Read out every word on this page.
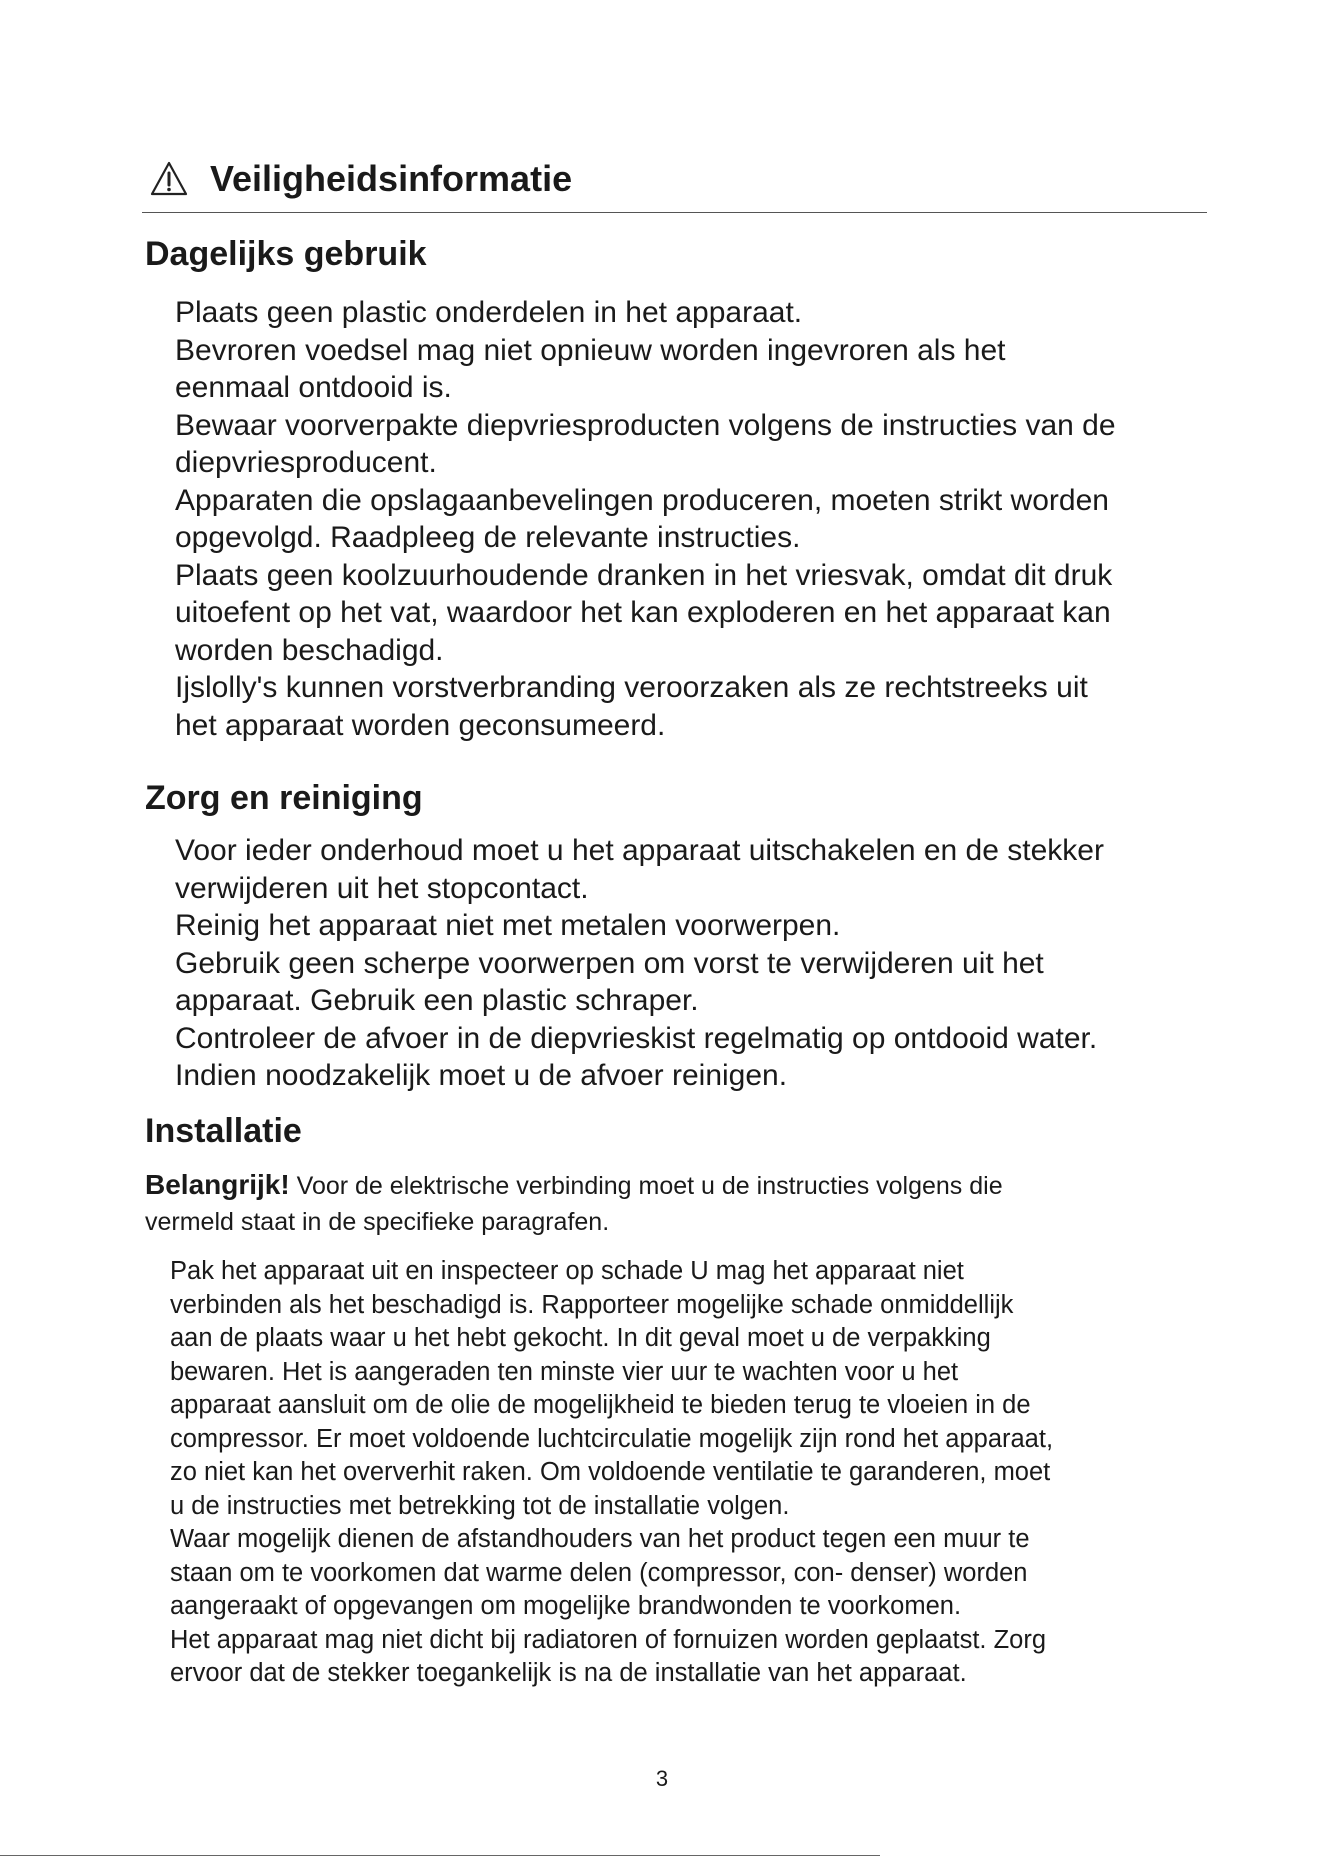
Veiligheidsinformatie
Dagelijks gebruik
Plaats geen plastic onderdelen in het apparaat.
Bevroren voedsel mag niet opnieuw worden ingevroren als het
eenmaal ontdooid is.
Bewaar voorverpakte diepvriesproducten volgens de instructies van de
diepvriesproducent.
Apparaten die opslagaanbevelingen produceren, moeten strikt worden
opgevolgd. Raadpleeg de relevante instructies.
Plaats geen koolzuurhoudende dranken in het vriesvak, omdat dit druk
uitoefent op het vat, waardoor het kan exploderen en het apparaat kan
worden beschadigd.
Ijslolly's kunnen vorstverbranding veroorzaken als ze rechtstreeks uit
het apparaat worden geconsumeerd.
Zorg en reiniging
Voor ieder onderhoud moet u het apparaat uitschakelen en de stekker
verwijderen uit het stopcontact.
Reinig het apparaat niet met metalen voorwerpen.
Gebruik geen scherpe voorwerpen om vorst te verwijderen uit het
apparaat. Gebruik een plastic schraper.
Controleer de afvoer in de diepvrieskist regelmatig op ontdooid water.
Indien noodzakelijk moet u de afvoer reinigen.
Installatie
Belangrijk! Voor de elektrische verbinding moet u de instructies volgens die
vermeld staat in de specifieke paragrafen.
Pak het apparaat uit en inspecteer op schade U mag het apparaat niet
verbinden als het beschadigd is. Rapporteer mogelijke schade onmiddellijk
aan de plaats waar u het hebt gekocht. In dit geval moet u de verpakking
bewaren. Het is aangeraden ten minste vier uur te wachten voor u het
apparaat aansluit om de olie de mogelijkheid te bieden terug te vloeien in de
compressor. Er moet voldoende luchtcirculatie mogelijk zijn rond het apparaat,
zo niet kan het oververhit raken. Om voldoende ventilatie te garanderen, moet
u de instructies met betrekking tot de installatie volgen.
Waar mogelijk dienen de afstandhouders van het product tegen een muur te
staan om te voorkomen dat warme delen (compressor, con- denser) worden
aangeraakt of opgevangen om mogelijke brandwonden te voorkomen.
Het apparaat mag niet dicht bij radiatoren of fornuizen worden geplaatst. Zorg
ervoor dat de stekker toegankelijk is na de installatie van het apparaat.
3
